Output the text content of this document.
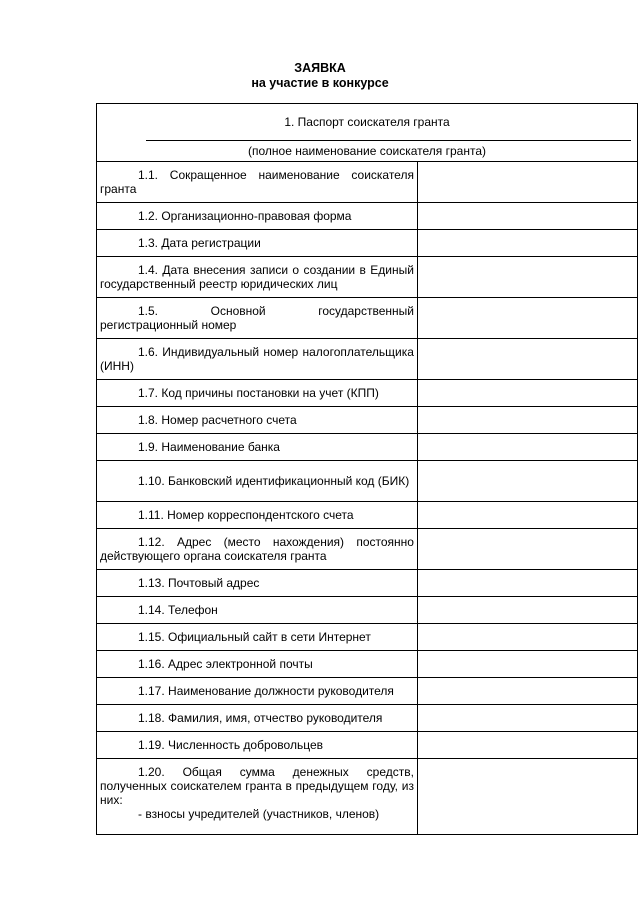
ЗАЯВКА
на участие в конкурсе
1. Паспорт соискателя гранта
(полное наименование соискателя гранта)	

1.1. Сокращенное наименование соискателя гранта	
1.2. Организационно-правовая форма	
1.3. Дата регистрации	
1.4. Дата внесения записи о создании в Единый государственный реестр юридических лиц	
1.5. Основной государственный регистрационный номер	
1.6. Индивидуальный номер налогоплательщика (ИНН)	
1.7. Код причины постановки на учет (КПП)	
1.8. Номер расчетного счета	
1.9. Наименование банка	
1.10. Банковский идентификационный код (БИК)	
1.11. Номер корреспондентского счета	
1.12. Адрес (место нахождения) постоянно действующего органа соискателя гранта	
1.13. Почтовый адрес	
1.14. Телефон	
1.15. Официальный сайт в сети Интернет	
1.16. Адрес электронной почты	
1.17. Наименование должности руководителя	
1.18. Фамилия, имя, отчество руководителя	
1.19. Численность добровольцев	

1.20. Общая сумма денежных средств, полученных соискателем гранта в предыдущем году, из них:
- взносы учредителей (участников, членов)	
